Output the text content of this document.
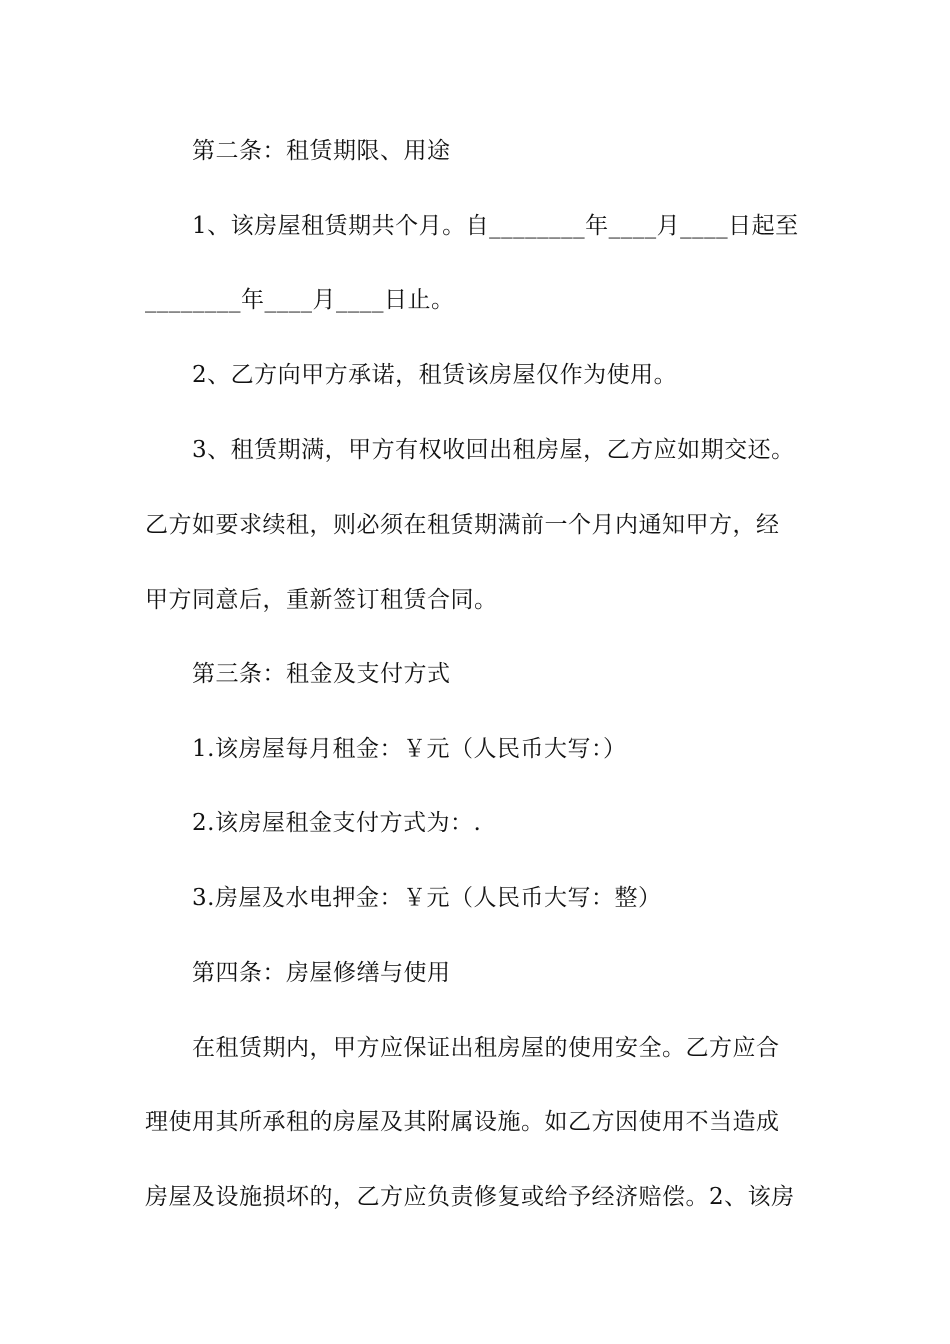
第二条：租赁期限、用途
1、该房屋租赁期共个月。自________年____月____日起至
________年____月____日止。
2、乙方向甲方承诺，租赁该房屋仅作为使用。
3、租赁期满，甲方有权收回出租房屋，乙方应如期交还。
乙方如要求续租，则必须在租赁期满前一个月内通知甲方，经
甲方同意后，重新签订租赁合同。
第三条：租金及支付方式
1.该房屋每月租金：￥元（人民币大写：）
2.该房屋租金支付方式为：.
3.房屋及水电押金：￥元（人民币大写：整）
第四条：房屋修缮与使用
在租赁期内，甲方应保证出租房屋的使用安全。乙方应合
理使用其所承租的房屋及其附属设施。如乙方因使用不当造成
房屋及设施损坏的，乙方应负责修复或给予经济赔偿。2、该房
